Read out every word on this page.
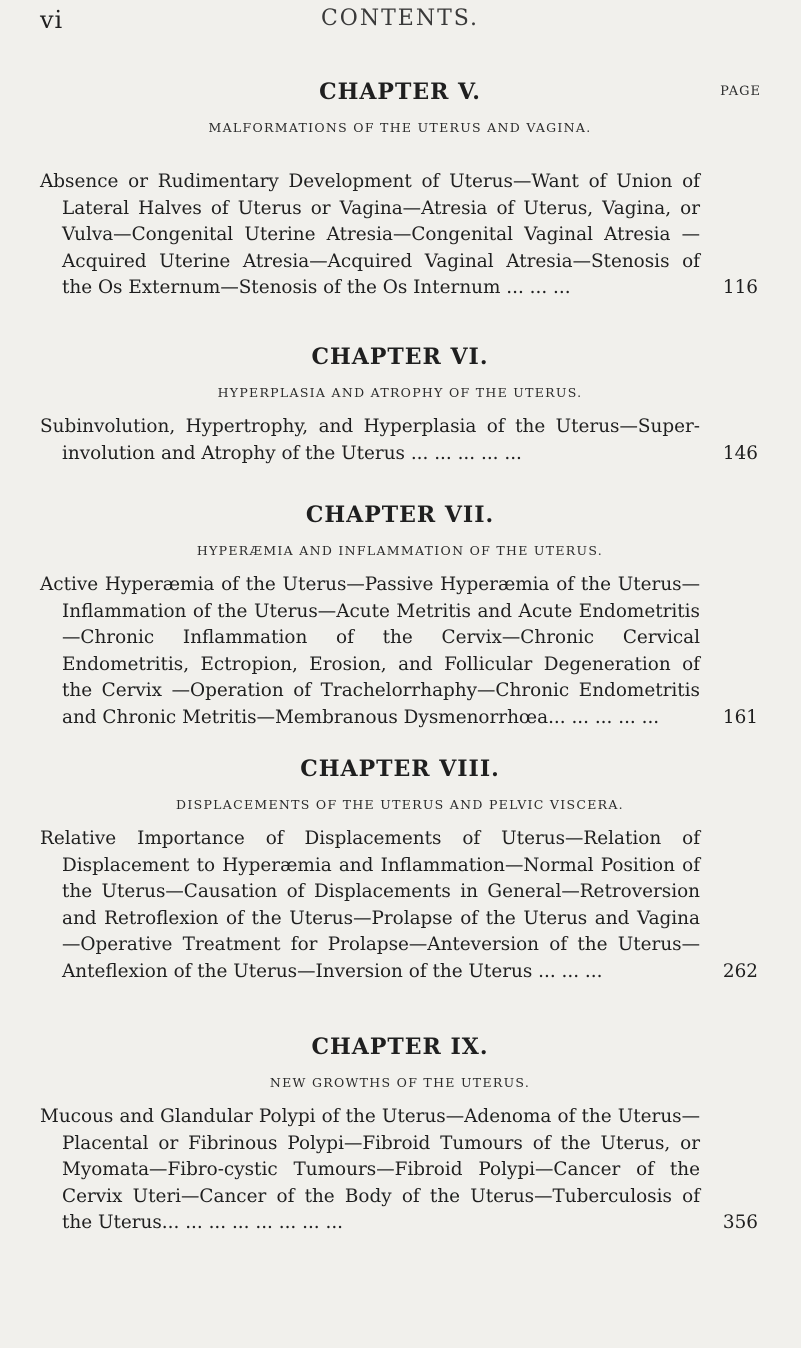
vi	CONTENTS.
CHAPTER V.
MALFORMATIONS OF THE UTERUS AND VAGINA.
Absence or Rudimentary Development of Uterus—Want of Union of Lateral Halves of Uterus or Vagina—Atresia of Uterus, Vagina, or Vulva—Congenital Uterine Atresia—Congenital Vaginal Atresia —Acquired Uterine Atresia—Acquired Vaginal Atresia—Stenosis of the Os Externum—Stenosis of the Os Internum ... ... ...	116
PAGE
CHAPTER VI.
HYPERPLASIA AND ATROPHY OF THE UTERUS.
Subinvolution, Hypertrophy, and Hyperplasia of the Uterus—Super-involution and Atrophy of the Uterus ... ... ... ... ...	146
CHAPTER VII.
HYPERÆMIA AND INFLAMMATION OF THE UTERUS.
Active Hyperæmia of the Uterus—Passive Hyperæmia of the Uterus—Inflammation of the Uterus—Acute Metritis and Acute Endometritis —Chronic Inflammation of the Cervix—Chronic Cervical Endometritis, Ectropion, Erosion, and Follicular Degeneration of the Cervix —Operation of Trachelorrhaphy—Chronic Endometritis and Chronic Metritis—Membranous Dysmenorrhœa... ... ... ... ...	161
CHAPTER VIII.
DISPLACEMENTS OF THE UTERUS AND PELVIC VISCERA.
Relative Importance of Displacements of Uterus—Relation of Displacement to Hyperæmia and Inflammation—Normal Position of the Uterus—Causation of Displacements in General—Retroversion and Retroflexion of the Uterus—Prolapse of the Uterus and Vagina—Operative Treatment for Prolapse—Anteversion of the Uterus—Anteflexion of the Uterus—Inversion of the Uterus ... ... ...	262
CHAPTER IX.
NEW GROWTHS OF THE UTERUS.
Mucous and Glandular Polypi of the Uterus—Adenoma of the Uterus—Placental or Fibrinous Polypi—Fibroid Tumours of the Uterus, or Myomata—Fibro-cystic Tumours—Fibroid Polypi—Cancer of the Cervix Uteri—Cancer of the Body of the Uterus—Tuberculosis of the Uterus... ... ... ... ... ... ... ...	356
